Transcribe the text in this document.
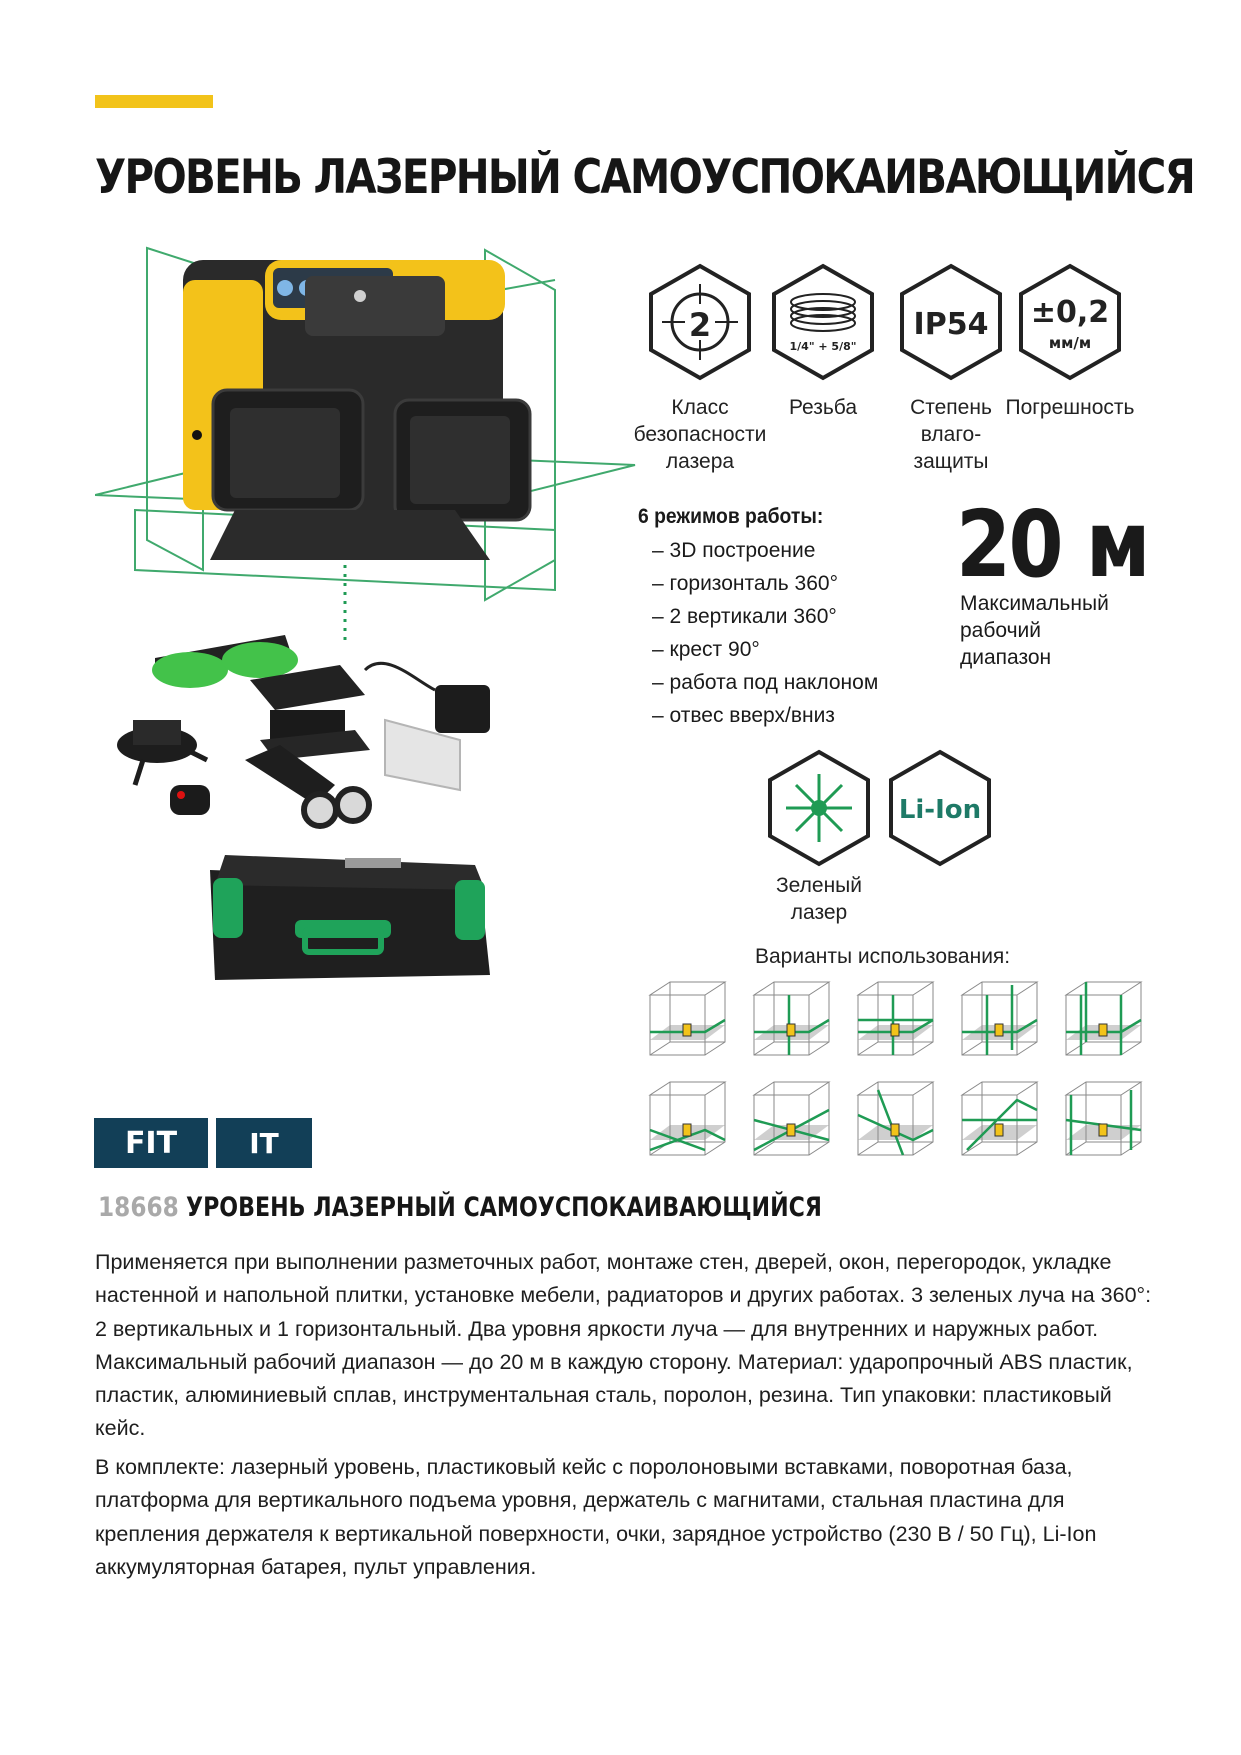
УРОВЕНЬ ЛАЗЕРНЫЙ САМОУСПОКАИВАЮЩИЙСЯ
2
Класс
безопасности
лазера
1/4" + 5/8"
Резьба
IP54
Степень
влаго-
защиты
±0,2
мм/м
Погрешность
6 режимов работы:
– 3D построение
– горизонталь 360°
– 2 вертикали 360°
– крест 90°
– работа под наклоном
– отвес вверх/вниз
20 м
Максимальный
рабочий
диапазон
Зеленый
лазер
Li-Ion
Варианты использования:
FIT	IT
18668 УРОВЕНЬ ЛАЗЕРНЫЙ САМОУСПОКАИВАЮЩИЙСЯ

Применяется при выполнении разметочных работ, монтаже стен, дверей, окон, перегородок, укладке настенной и напольной плитки, установке мебели, радиаторов и других работах. 3 зеленых луча на 360°: 2 вертикальных и 1 горизонтальный. Два уровня яркости луча — для внутренних и наружных работ. Максимальный рабочий диапазон — до 20 м в каждую сторону. Материал: ударопрочный ABS пластик, пластик, алюминиевый сплав, инструментальная сталь, поролон, резина. Тип упаковки: пластиковый кейс.

В комплекте: лазерный уровень, пластиковый кейс с поролоновыми вставками, поворотная база, платформа для вертикального подъема уровня, держатель с магнитами, стальная пластина для крепления держателя к вертикальной поверхности, очки, зарядное устройство (230 В / 50 Гц), Li-Ion аккумуляторная батарея, пульт управления.
